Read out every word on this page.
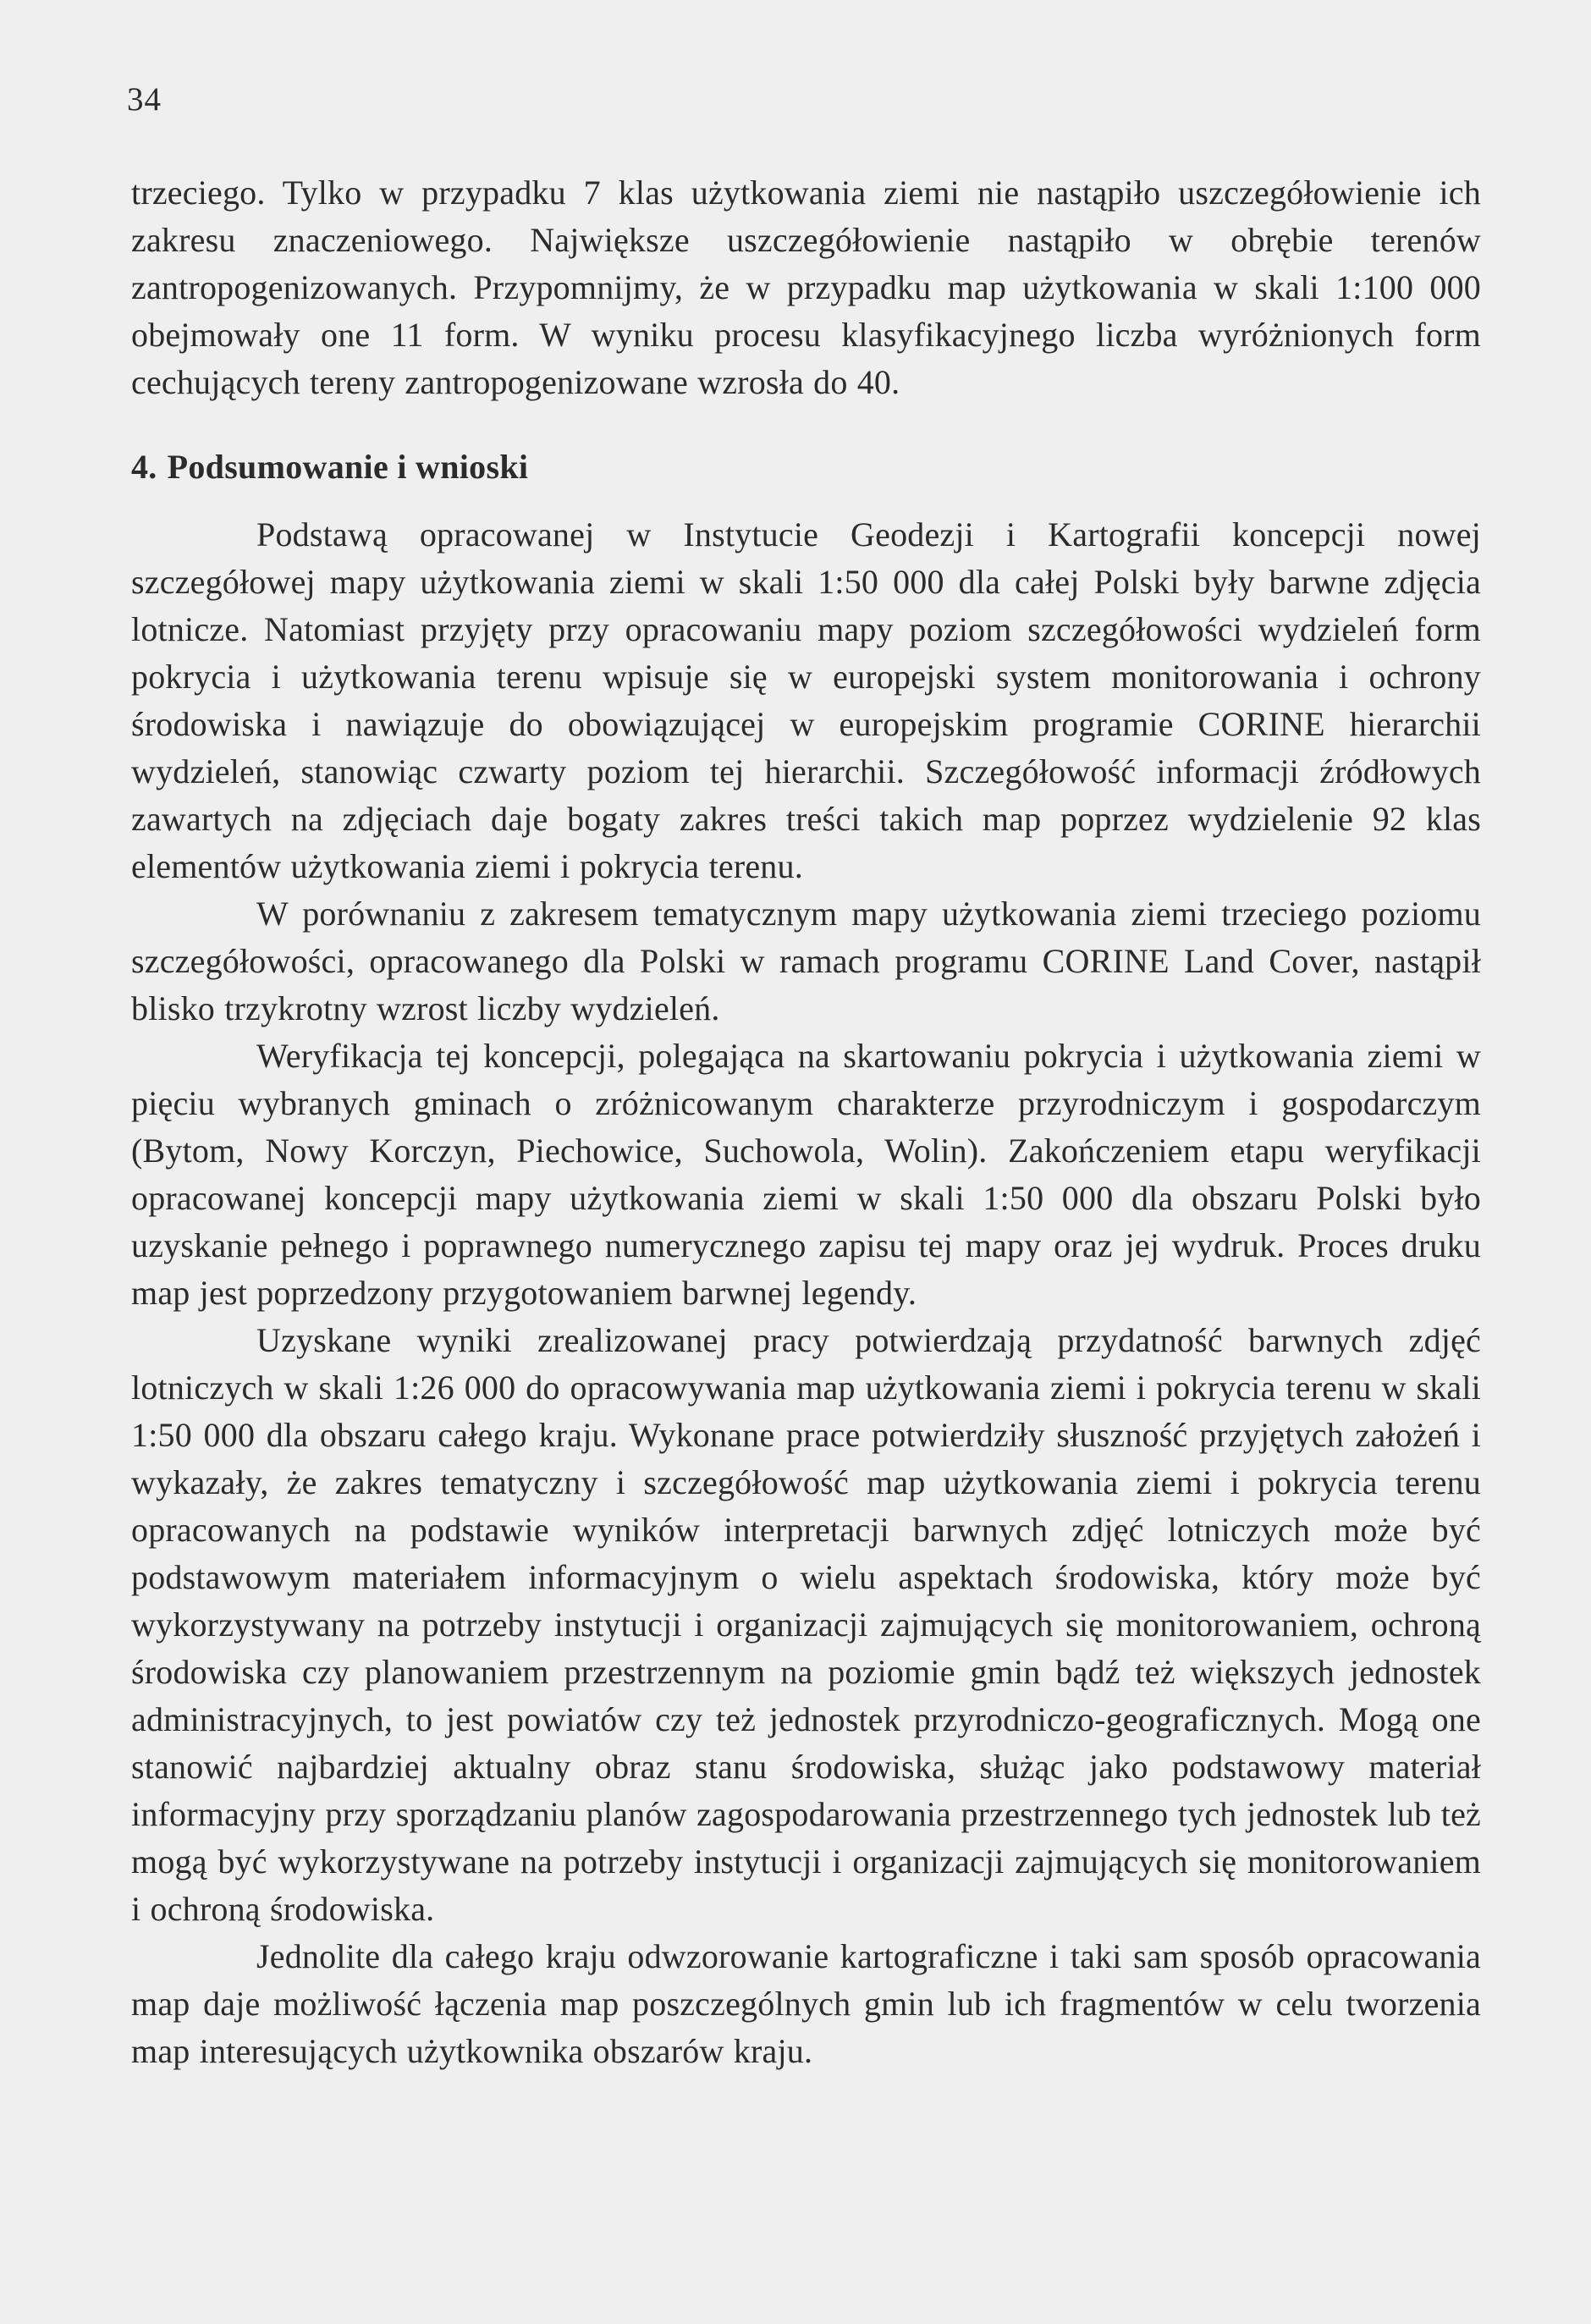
34

trzeciego. Tylko w przypadku 7 klas użytkowania ziemi nie nastąpiło uszczegółowienie ich zakresu znaczeniowego. Największe uszczegółowienie nastąpiło w obrębie terenów zantropogenizowanych. Przypomnijmy, że w przypadku map użytkowania w skali 1:100 000 obejmowały one 11 form. W wyniku procesu klasyfikacyjnego liczba wyróżnionych form cechujących tereny zantropogenizowane wzrosła do 40.

4. Podsumowanie i wnioski

Podstawą opracowanej w Instytucie Geodezji i Kartografii koncepcji nowej szczegółowej mapy użytkowania ziemi w skali 1:50 000 dla całej Polski były barwne zdjęcia lotnicze. Natomiast przyjęty przy opracowaniu mapy poziom szczegółowości wydzieleń form pokrycia i użytkowania terenu wpisuje się w europejski system monitorowania i ochrony środowiska i nawiązuje do obowiązującej w europejskim programie CORINE hierarchii wydzieleń, stanowiąc czwarty poziom tej hierarchii. Szczegółowość informacji źródłowych zawartych na zdjęciach daje bogaty zakres treści takich map poprzez wydzielenie 92 klas elementów użytkowania ziemi i pokrycia terenu.

W porównaniu z zakresem tematycznym mapy użytkowania ziemi trzeciego poziomu szczegółowości, opracowanego dla Polski w ramach programu CORINE Land Cover, nastąpił blisko trzykrotny wzrost liczby wydzieleń.

Weryfikacja tej koncepcji, polegająca na skartowaniu pokrycia i użytkowania ziemi w pięciu wybranych gminach o zróżnicowanym charakterze przyrodniczym i gospodarczym (Bytom, Nowy Korczyn, Piechowice, Suchowola, Wolin). Zakończeniem etapu weryfikacji opracowanej koncepcji mapy użytkowania ziemi w skali 1:50 000 dla obszaru Polski było uzyskanie pełnego i poprawnego numerycznego zapisu tej mapy oraz jej wydruk. Proces druku map jest poprzedzony przygotowaniem barwnej legendy.

Uzyskane wyniki zrealizowanej pracy potwierdzają przydatność barwnych zdjęć lotniczych w skali 1:26 000 do opracowywania map użytkowania ziemi i pokrycia terenu w skali 1:50 000 dla obszaru całego kraju. Wykonane prace potwierdziły słuszność przyjętych założeń i wykazały, że zakres tematyczny i szczegółowość map użytkowania ziemi i pokrycia terenu opracowanych na podstawie wyników interpretacji barwnych zdjęć lotniczych może być podstawowym materiałem informacyjnym o wielu aspektach środowiska, który może być wykorzystywany na potrzeby instytucji i organizacji zajmujących się monitorowaniem, ochroną środowiska czy planowaniem przestrzennym na poziomie gmin bądź też większych jednostek administracyjnych, to jest powiatów czy też jednostek przyrodniczo-geograficznych. Mogą one stanowić najbardziej aktualny obraz stanu środowiska, służąc jako podstawowy materiał informacyjny przy sporządzaniu planów zagospodarowania przestrzennego tych jednostek lub też mogą być wykorzystywane na potrzeby instytucji i organizacji zajmujących się monitorowaniem i ochroną środowiska.

Jednolite dla całego kraju odwzorowanie kartograficzne i taki sam sposób opracowania map daje możliwość łączenia map poszczególnych gmin lub ich fragmentów w celu tworzenia map interesujących użytkownika obszarów kraju.
